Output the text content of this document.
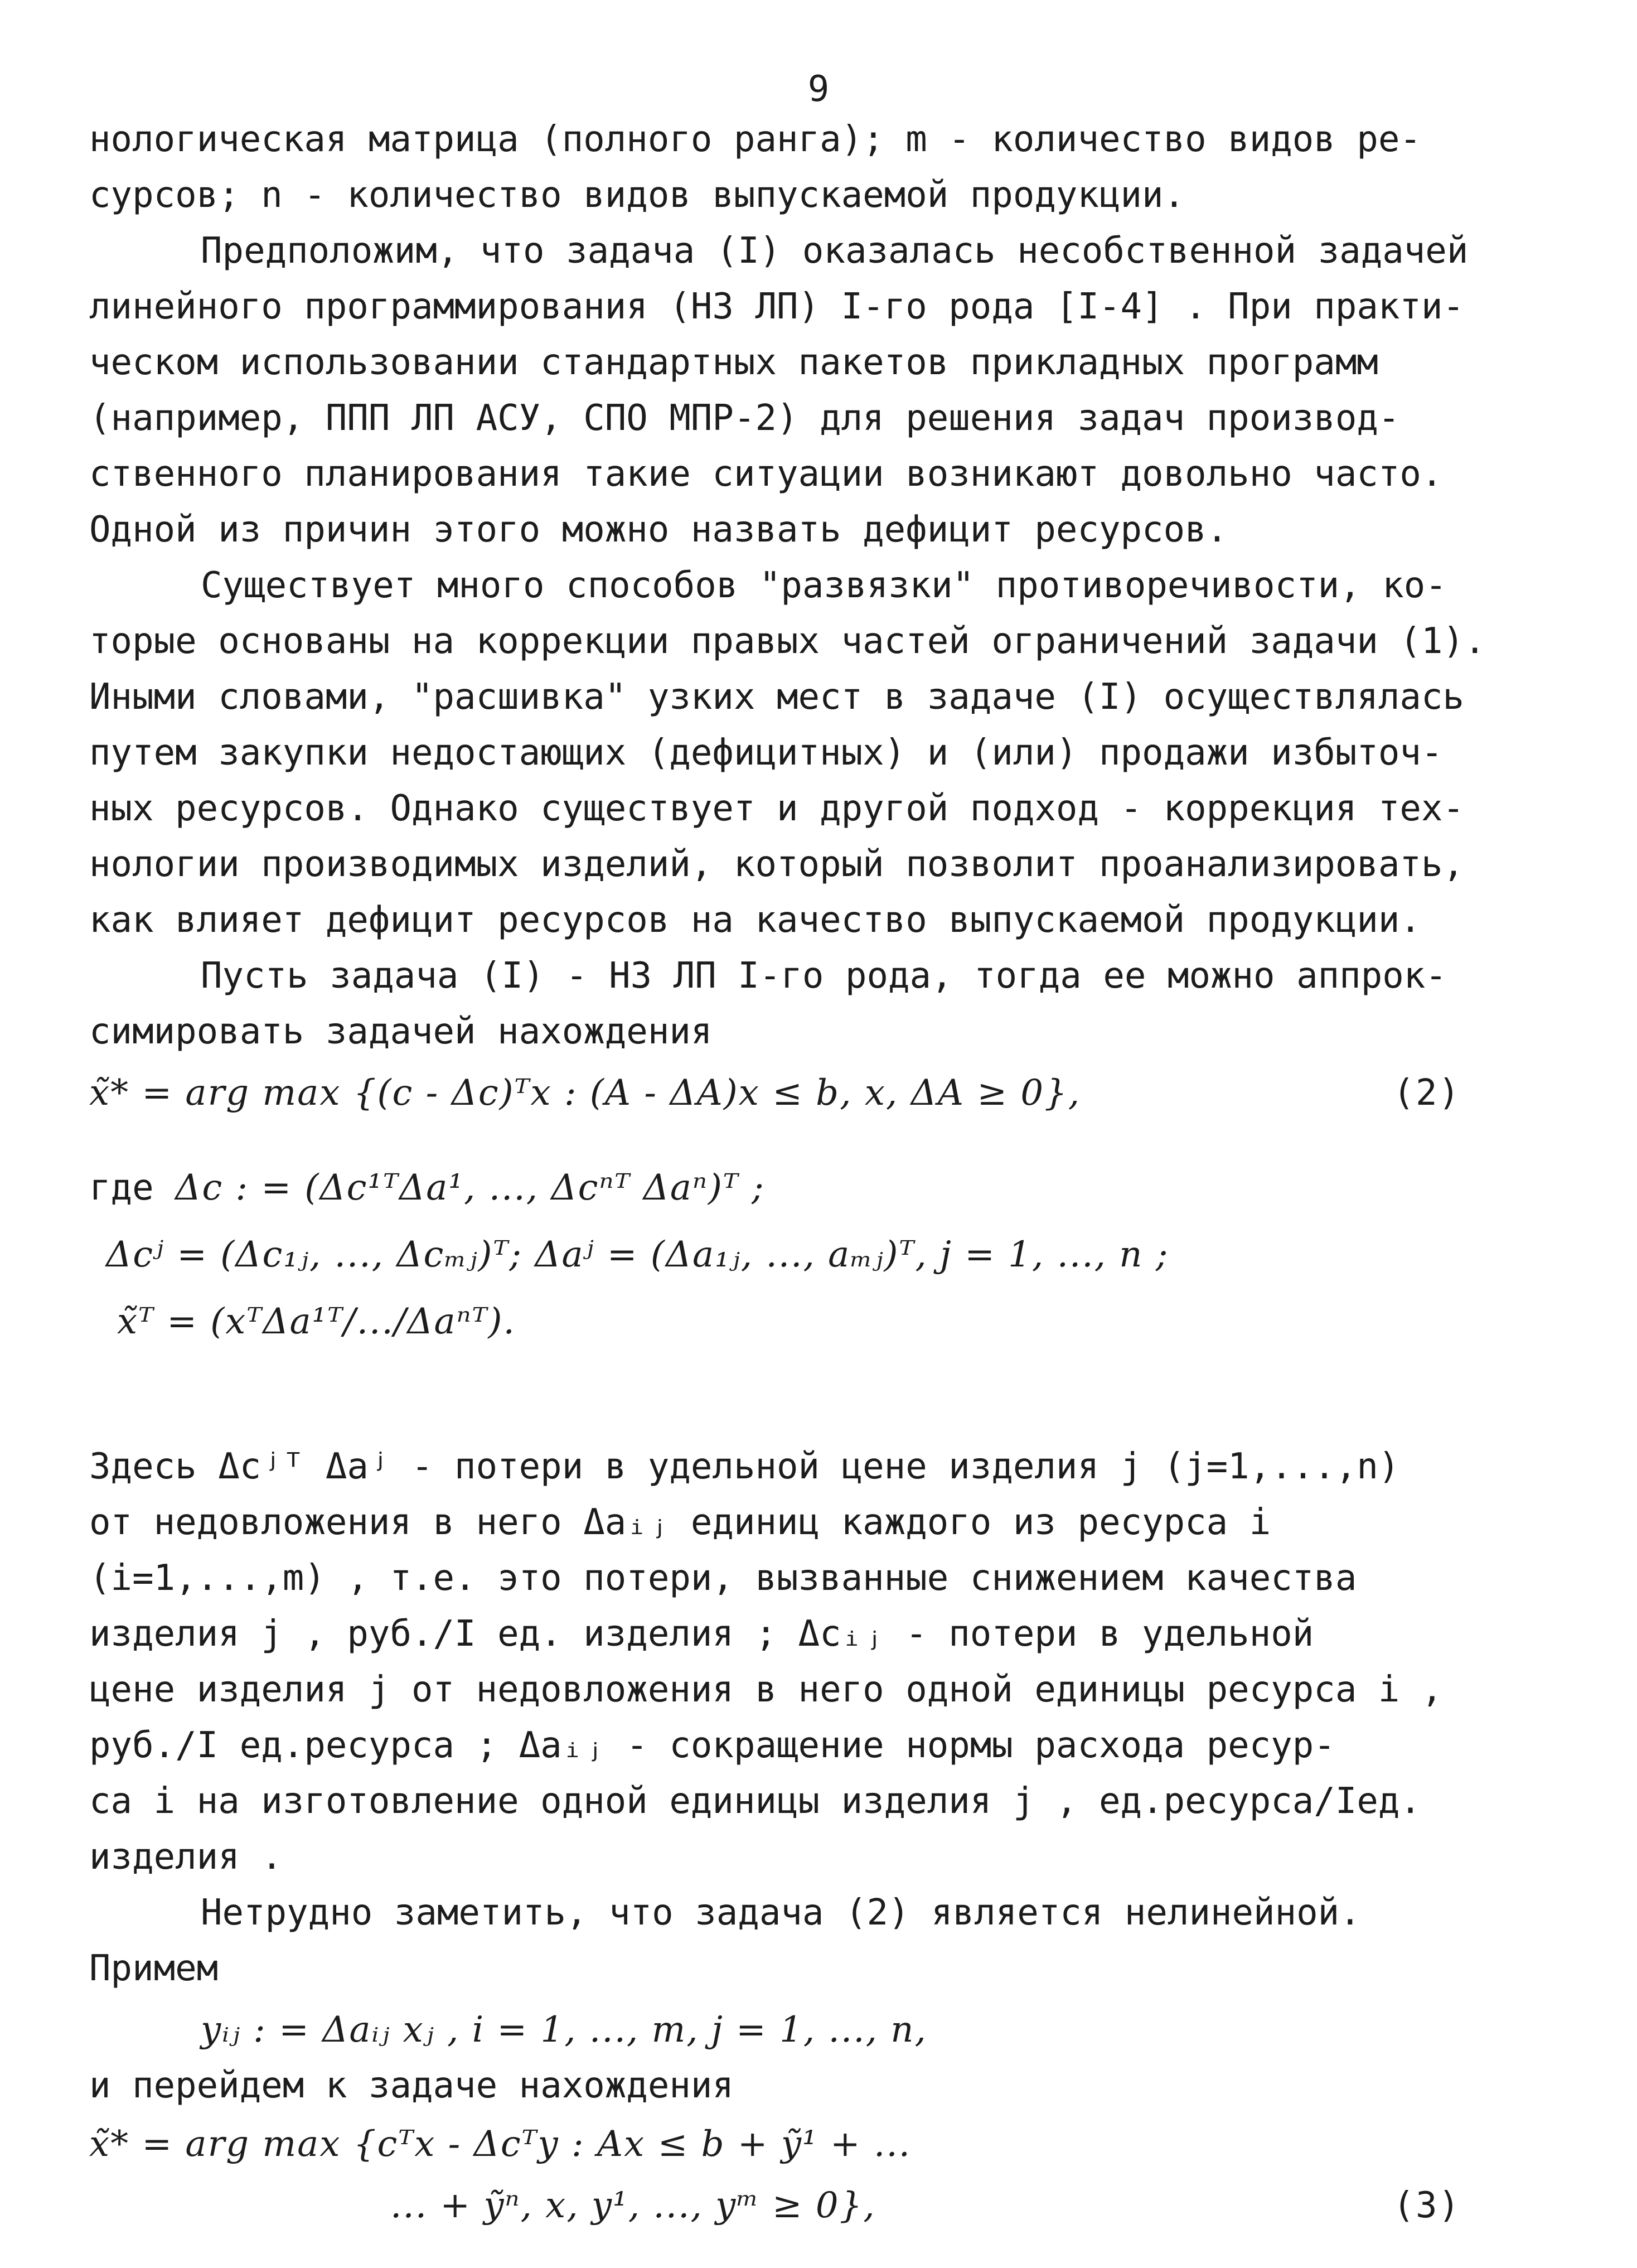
9
нологическая матрица (полного ранга); m - количество видов ре-
сурсов; n - количество видов выпускаемой продукции.
Предположим, что задача (I) оказалась несобственной задачей
линейного программирования (НЗ ЛП) I-го рода [I-4] . При практи-
ческом использовании стандартных пакетов прикладных программ
(например, ППП ЛП АСУ, СПО МПР-2) для решения задач производ-
ственного планирования такие ситуации возникают довольно часто.
Одной из причин этого можно назвать дефицит ресурсов.
Существует много способов "развязки" противоречивости, ко-
торые основаны на коррекции правых частей ограничений задачи (1).
Иными словами, "расшивка" узких мест в задаче (I) осуществлялась
путем закупки недостающих (дефицитных) и (или) продажи избыточ-
ных ресурсов. Однако существует и другой подход - коррекция тех-
нологии производимых изделий, который позволит проанализировать,
как влияет дефицит ресурсов на качество выпускаемой продукции.
Пусть задача (I) - НЗ ЛП I-го рода, тогда ее можно аппрок-
симировать задачей нахождения
x̃* = arg max {(c - Δc)ᵀx : (A - ΔA)x ≤ b, x, ΔA ≥ 0},	(2)
где Δc : = (Δc¹ᵀΔa¹, ..., Δcⁿᵀ Δaⁿ)ᵀ ;
Δcʲ = (Δc₁ⱼ, ..., Δcₘⱼ)ᵀ; Δaʲ = (Δa₁ⱼ, ..., aₘⱼ)ᵀ, j = 1, ..., n ;
x̃ᵀ = (xᵀΔa¹ᵀ/.../Δaⁿᵀ).
Здесь Δcʲᵀ Δaʲ - потери в удельной цене изделия j (j=1,...,n)
от недовложения в него Δaᵢⱼ единиц каждого из ресурса i
(i=1,...,m) , т.е. это потери, вызванные снижением качества
изделия j , руб./I ед. изделия ; Δcᵢⱼ - потери в удельной
цене изделия j от недовложения в него одной единицы ресурса i ,
руб./I ед.ресурса ; Δaᵢⱼ - сокращение нормы расхода ресур-
са i на изготовление одной единицы изделия j , ед.ресурса/Iед.
изделия .
Нетрудно заметить, что задача (2) является нелинейной.
Примем
yᵢⱼ : = Δaᵢⱼ xⱼ , i = 1, ..., m, j = 1, ..., n,
и перейдем к задаче нахождения
x̃* = arg max {cᵀx - Δcᵀy : Ax ≤ b + ỹ¹ + ...
... + ỹⁿ, x, y¹, ..., yᵐ ≥ 0},	(3)
